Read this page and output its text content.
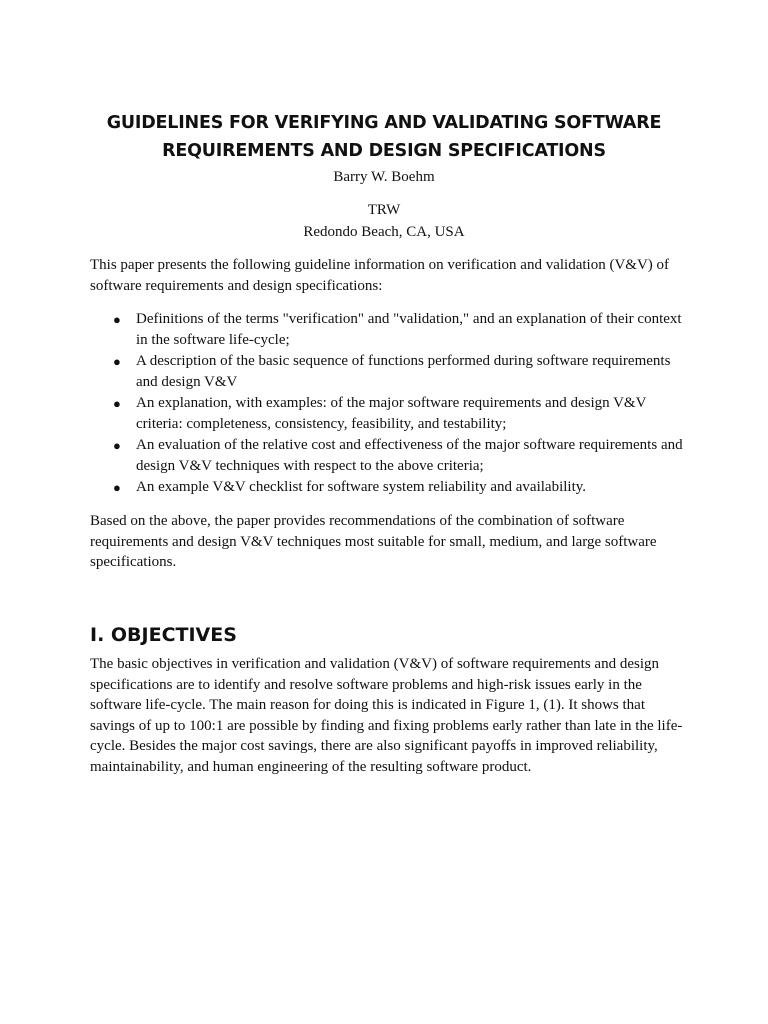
GUIDELINES FOR VERIFYING AND VALIDATING SOFTWARE
REQUIREMENTS AND DESIGN SPECIFICATIONS
Barry W. Boehm
TRW
Redondo Beach, CA, USA

This paper presents the following guideline information on verification and validation (V&V) of software requirements and design specifications:

● Definitions of the terms "verification" and "validation," and an explanation of their context in the software life-cycle;
● A description of the basic sequence of functions performed during software requirements and design V&V
● An explanation, with examples: of the major software requirements and design V&V criteria: completeness, consistency, feasibility, and testability;
● An evaluation of the relative cost and effectiveness of the major software requirements and design V&V techniques with respect to the above criteria;
● An example V&V checklist for software system reliability and availability.

Based on the above, the paper provides recommendations of the combination of software requirements and design V&V techniques most suitable for small, medium, and large software specifications.

I. OBJECTIVES

The basic objectives in verification and validation (V&V) of software requirements and design specifications are to identify and resolve software problems and high-risk issues early in the software life-cycle. The main reason for doing this is indicated in Figure 1, (1). It shows that savings of up to 100:1 are possible by finding and fixing problems early rather than late in the life-cycle. Besides the major cost savings, there are also significant payoffs in improved reliability, maintainability, and human engineering of the resulting software product.
